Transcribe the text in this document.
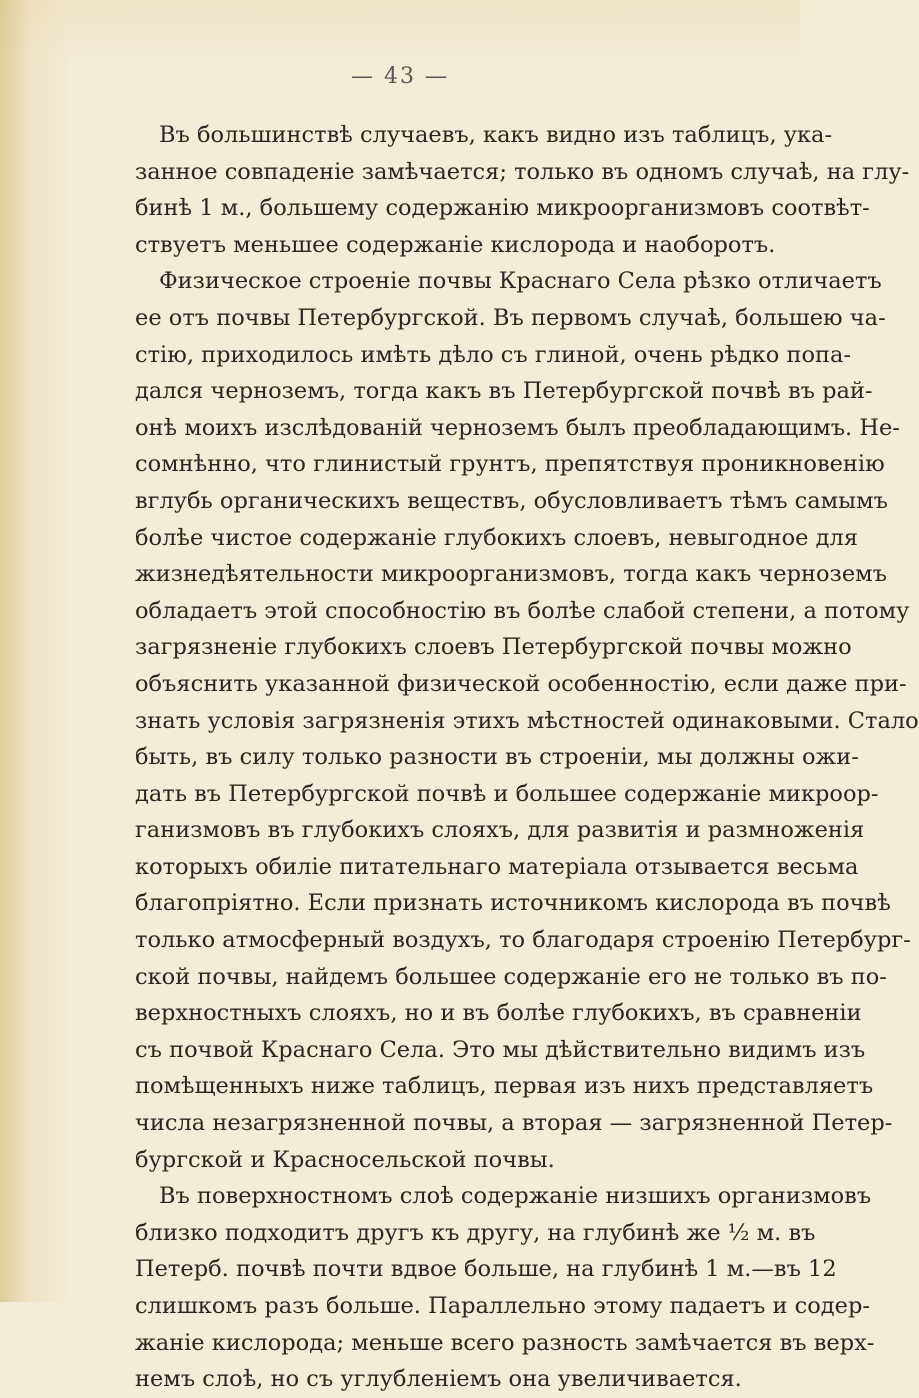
— 43 —
Въ большинствѣ случаевъ, какъ видно изъ таблицъ, ука-
занное совпаденіе замѣчается; только въ одномъ случаѣ, на глу-
бинѣ 1 м., большему содержанію микроорганизмовъ соотвѣт-
ствуетъ меньшее содержаніе кислорода и наоборотъ.
Физическое строеніе почвы Краснаго Села рѣзко отличаетъ
ее отъ почвы Петербургской. Въ первомъ случаѣ, большею ча-
стію, приходилось имѣть дѣло съ глиной, очень рѣдко попа-
дался черноземъ, тогда какъ въ Петербургской почвѣ въ рай-
онѣ моихъ изслѣдованій черноземъ былъ преобладающимъ. Не-
сомнѣнно, что глинистый грунтъ, препятствуя проникновенію
вглубь органическихъ веществъ, обусловливаетъ тѣмъ самымъ
болѣе чистое содержаніе глубокихъ слоевъ, невыгодное для
жизнедѣятельности микроорганизмовъ, тогда какъ черноземъ
обладаетъ этой способностію въ болѣе слабой степени, а потому
загрязненіе глубокихъ слоевъ Петербургской почвы можно
объяснить указанной физической особенностію, если даже при-
знать условія загрязненія этихъ мѣстностей одинаковыми. Стало
быть, въ силу только разности въ строеніи, мы должны ожи-
дать въ Петербургской почвѣ и большее содержаніе микроор-
ганизмовъ въ глубокихъ слояхъ, для развитія и размноженія
которыхъ обиліе питательнаго матеріала отзывается весьма
благопріятно. Если признать источникомъ кислорода въ почвѣ
только атмосферный воздухъ, то благодаря строенію Петербург-
ской почвы, найдемъ большее содержаніе его не только въ по-
верхностныхъ слояхъ, но и въ болѣе глубокихъ, въ сравненіи
съ почвой Краснаго Села. Это мы дѣйствительно видимъ изъ
помѣщенныхъ ниже таблицъ, первая изъ нихъ представляетъ
числа незагрязненной почвы, а вторая — загрязненной Петер-
бургской и Красносельской почвы.
Въ поверхностномъ слоѣ содержаніе низшихъ организмовъ
близко подходитъ другъ къ другу, на глубинѣ же ½ м. въ
Петерб. почвѣ почти вдвое больше, на глубинѣ 1 м.—въ 12
слишкомъ разъ больше. Параллельно этому падаетъ и содер-
жаніе кислорода; меньше всего разность замѣчается въ верх-
немъ слоѣ, но съ углубленіемъ она увеличивается.
